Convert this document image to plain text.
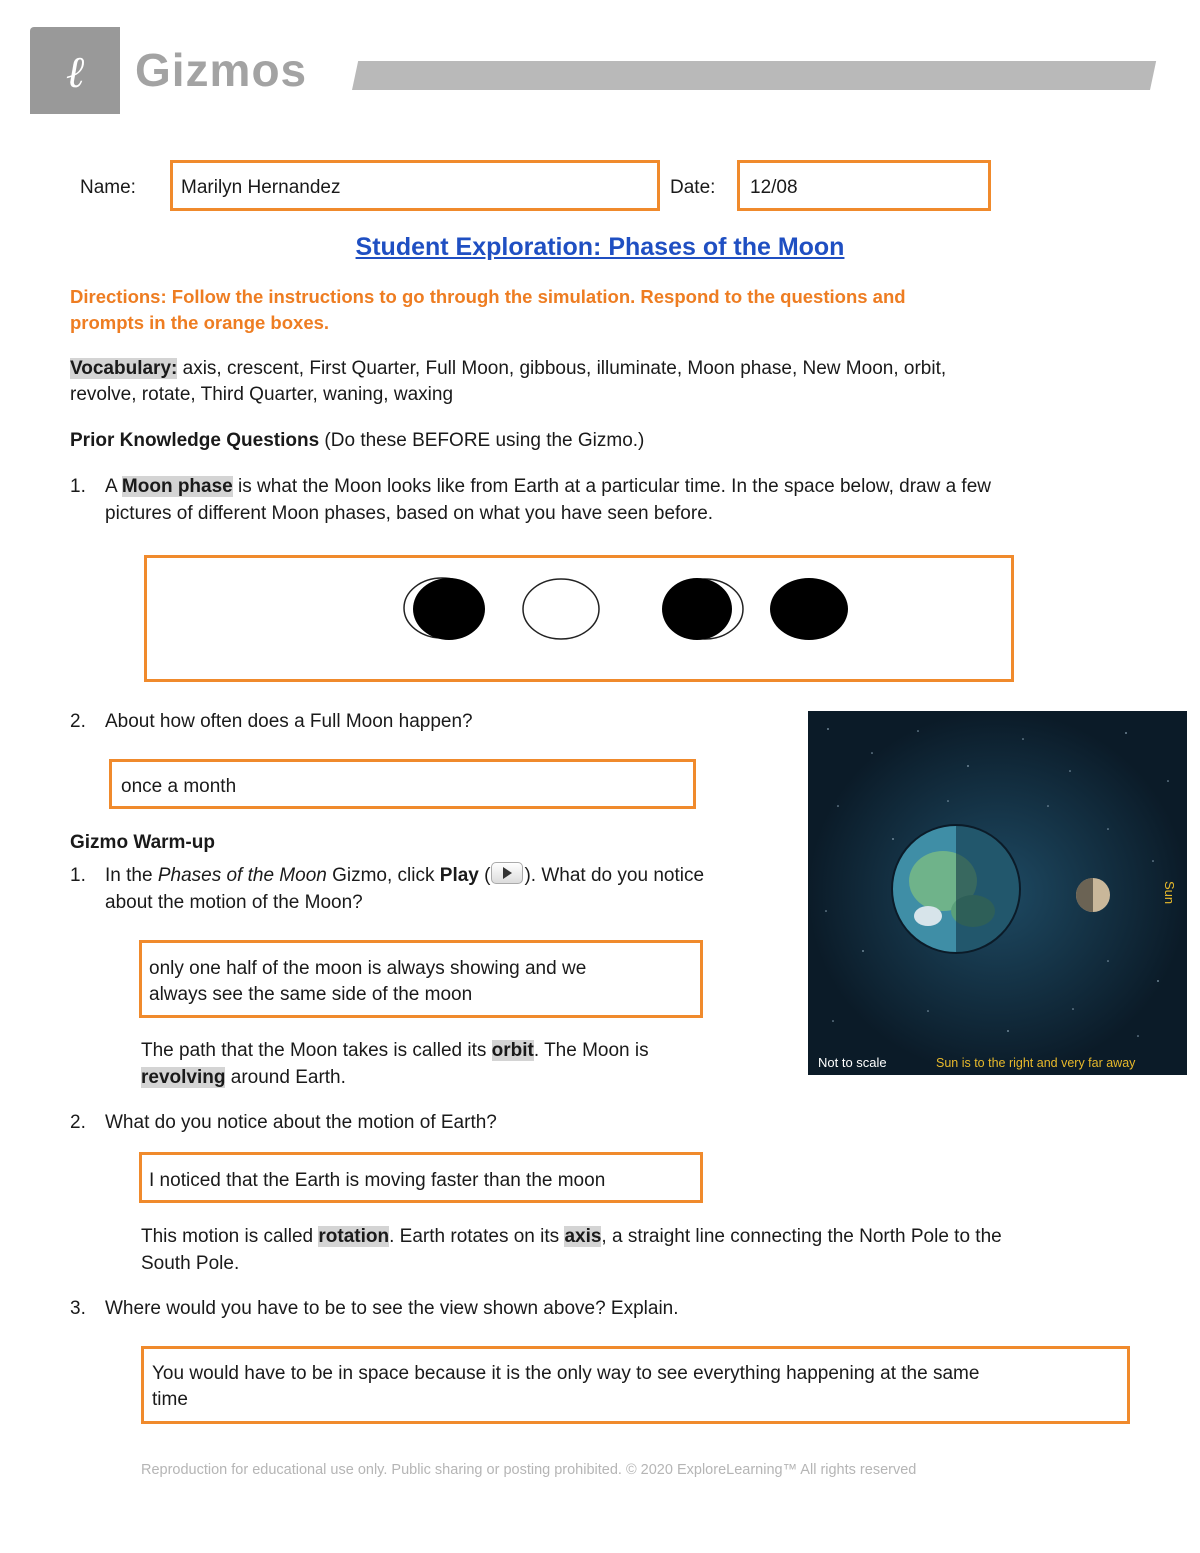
ℓ Gizmos
Name: Marilyn Hernandez	Date: 12/08
Student Exploration: Phases of the Moon
Directions: Follow the instructions to go through the simulation. Respond to the questions and
prompts in the orange boxes.
Vocabulary: axis, crescent, First Quarter, Full Moon, gibbous, illuminate, Moon phase, New Moon, orbit,
revolve, rotate, Third Quarter, waning, waxing
Prior Knowledge Questions (Do these BEFORE using the Gizmo.)
1. A Moon phase is what the Moon looks like from Earth at a particular time. In the space below, draw a few
pictures of different Moon phases, based on what you have seen before.
2. About how often does a Full Moon happen?
once a month
Sun
Not to scale	Sun is to the right and very far away
Gizmo Warm-up
1. In the Phases of the Moon Gizmo, click Play ( ). What do you notice
about the motion of the Moon?
only one half of the moon is always showing and we
always see the same side of the moon
The path that the Moon takes is called its orbit. The Moon is
revolving around Earth.
2. What do you notice about the motion of Earth?
I noticed that the Earth is moving faster than the moon
This motion is called rotation. Earth rotates on its axis, a straight line connecting the North Pole to the
South Pole.
3. Where would you have to be to see the view shown above? Explain.
You would have to be in space because it is the only way to see everything happening at the same
time
Reproduction for educational use only. Public sharing or posting prohibited. © 2020 ExploreLearning™ All rights reserved
